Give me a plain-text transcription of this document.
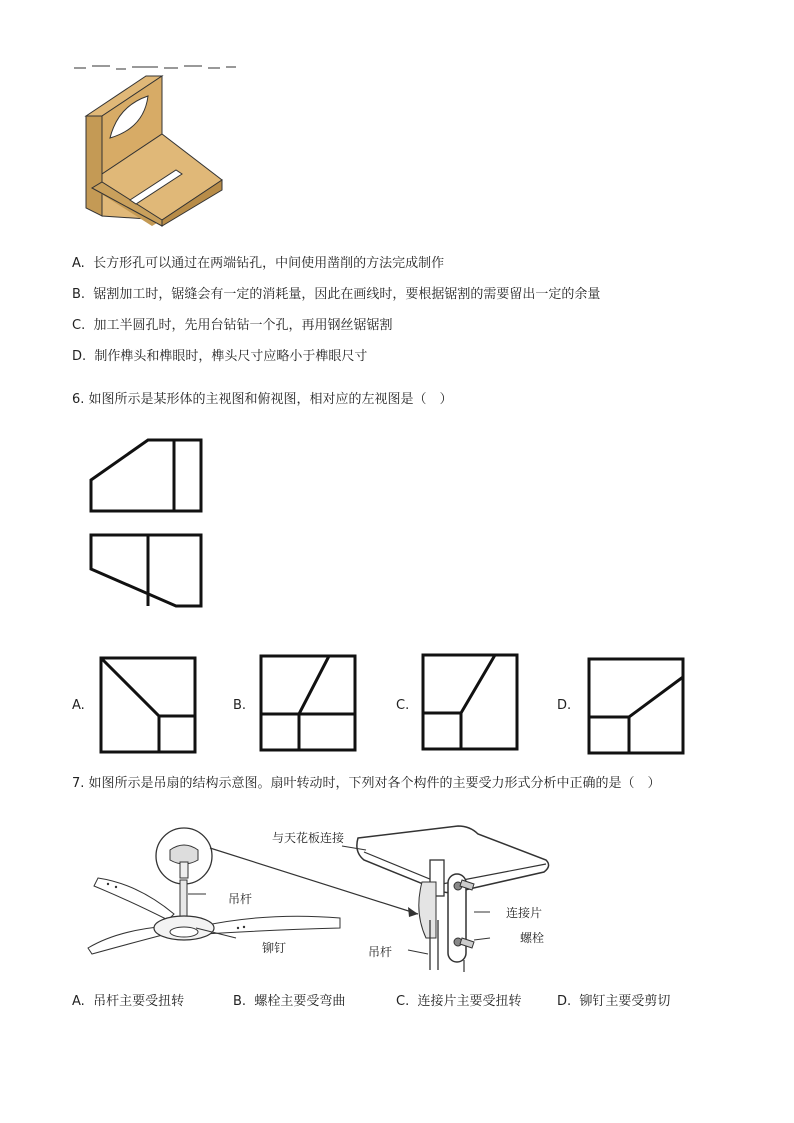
A. 长方形孔可以通过在两端钻孔，中间使用凿削的方法完成制作
B. 锯割加工时，锯缝会有一定的消耗量，因此在画线时，要根据锯割的需要留出一定的余量
C. 加工半圆孔时，先用台钻钻一个孔，再用钢丝锯锯割
D. 制作榫头和榫眼时，榫头尺寸应略小于榫眼尺寸
6. 如图所示是某形体的主视图和俯视图，相对应的左视图是（　）
A.	B.	C.	D.
7. 如图所示是吊扇的结构示意图。扇叶转动时，下列对各个构件的主要受力形式分析中正确的是（　）
与天花板连接
吊杆
铆钉
连接片
螺栓
吊杆
A. 吊杆主要受扭转	B. 螺栓主要受弯曲	C. 连接片主要受扭转	D. 铆钉主要受剪切
